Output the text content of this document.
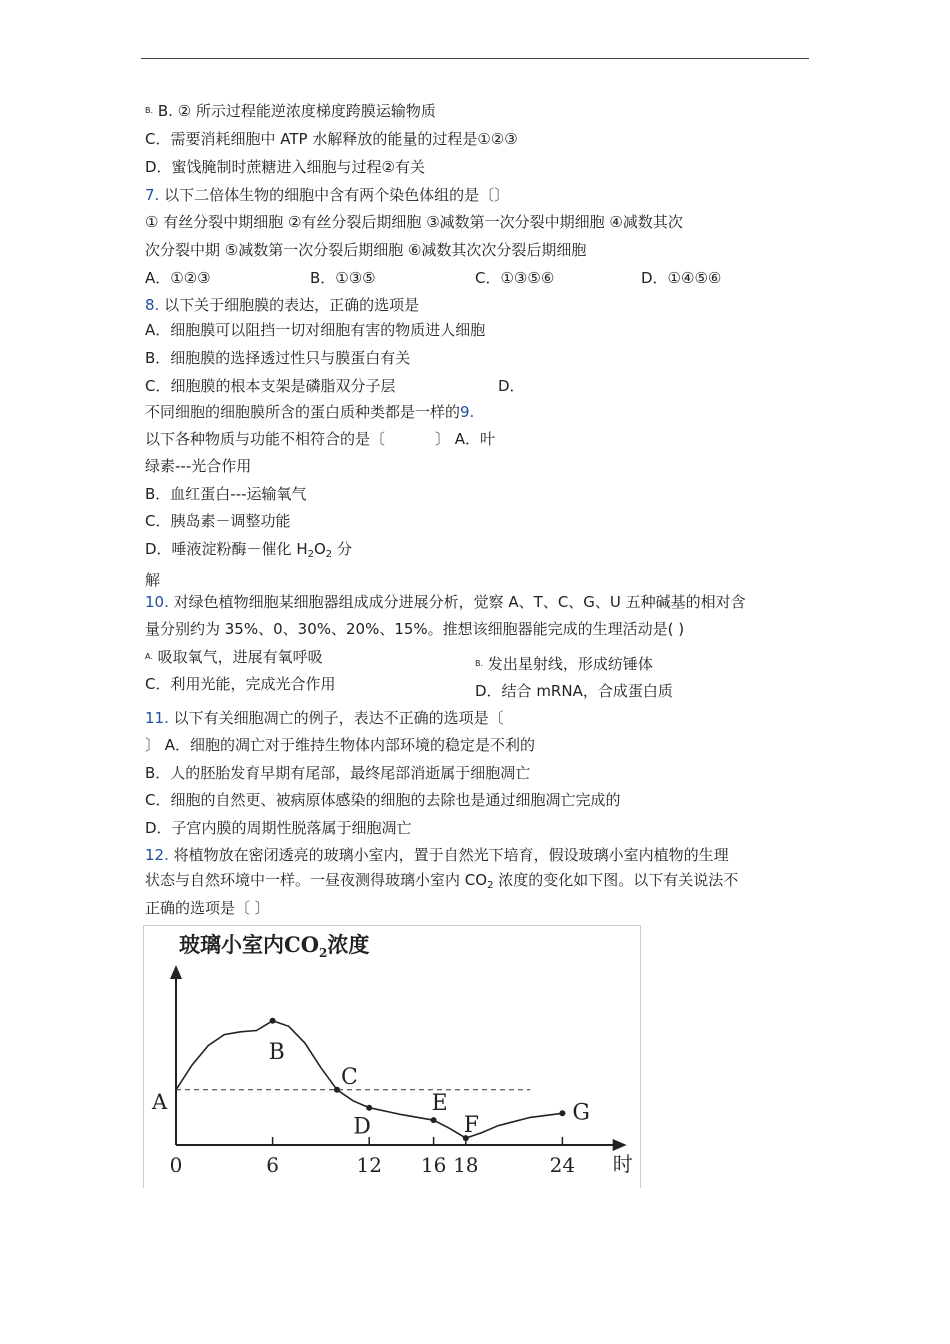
$^{B.}$ B. ② 所示过程能逆浓度梯度跨膜运输物质
C．需要消耗细胞中 ATP 水解释放的能量的过程是①②③
D．蜜饯腌制时蔗糖进入细胞与过程②有关
7. 以下二倍体生物的细胞中含有两个染色体组的是〔〕
① 有丝分裂中期细胞 ②有丝分裂后期细胞 ③减数第一次分裂中期细胞 ④减数其次
次分裂中期 ⑤减数第一次分裂后期细胞 ⑥减数其次次分裂后期细胞
A．①②③	B．①③⑤	C．①③⑤⑥	D．①④⑤⑥
8. 以下关于细胞膜的表达，正确的选项是
A．细胞膜可以阻挡一切对细胞有害的物质进人细胞
B．细胞膜的选择透过性只与膜蛋白有关
C．细胞膜的根本支架是磷脂双分子层	D．
不同细胞的细胞膜所含的蛋白质种类都是一样的9.
以下各种物质与功能不相符合的是〔	〕 A．叶
绿素---光合作用
B．血红蛋白---运输氧气
C．胰岛素－调整功能
D．唾液淀粉酶－催化 $H_2O_2$ 分
解
10. 对绿色植物细胞某细胞器组成成分进展分析，觉察 A、T、C、G、U 五种碱基的相对含
量分别约为 35%、0、30%、20%、15%。推想该细胞器能完成的生理活动是( )
$^{A.}$ 吸取氧气，进展有氧呼吸	$^{B.}$ 发出星射线，形成纺锤体
C．利用光能，完成光合作用	D．结合 mRNA，合成蛋白质
11. 以下有关细胞凋亡的例子，表达不正确的选项是〔
〕 A．细胞的凋亡对于维持生物体内部环境的稳定是不利的
B．人的胚胎发育早期有尾部，最终尾部消逝属于细胞凋亡
C．细胞的自然更、被病原体感染的细胞的去除也是通过细胞凋亡完成的
D．子宫内膜的周期性脱落属于细胞凋亡
12. 将植物放在密闭透亮的玻璃小室内，置于自然光下培育，假设玻璃小室内植物的生理
状态与自然环境中一样。一昼夜测得玻璃小室内 $CO_2$ 浓度的变化如下图。以下有关说法不
正确的选项是〔 〕
玻璃小室内$CO_2$浓度
时
A
0	6	12 16 18	24
B
C
D
E
F
G
